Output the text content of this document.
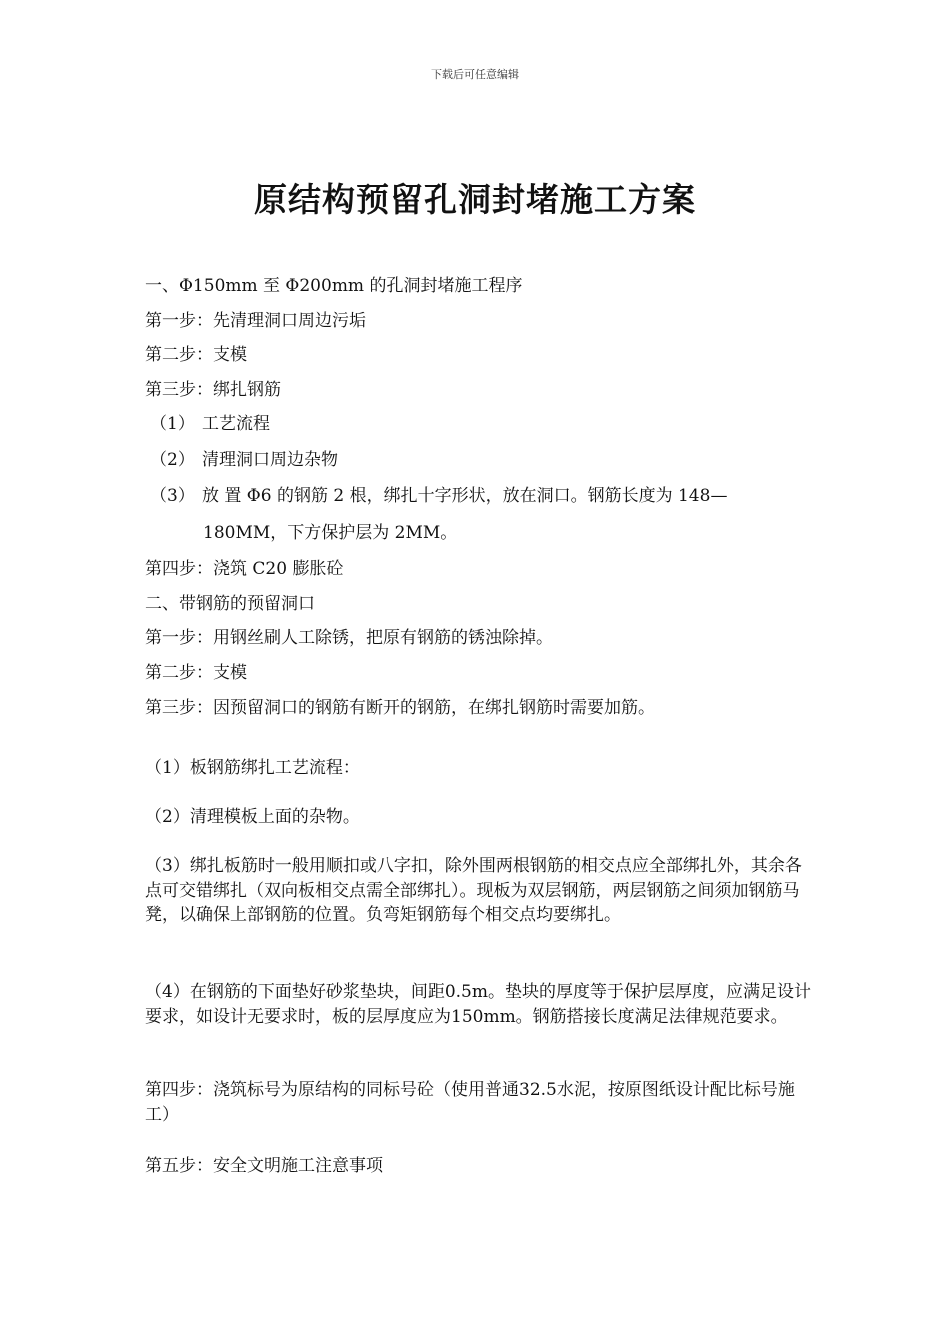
下载后可任意编辑
原结构预留孔洞封堵施工方案
一、Φ150mm 至 Φ200mm 的孔洞封堵施工程序
第一步：先清理洞口周边污垢
第二步：支模
第三步：绑扎钢筋
（1） 工艺流程
（2） 清理洞口周边杂物
（3） 放 置 Φ6 的钢筋 2 根，绑扎十字形状，放在洞口。钢筋长度为 148—
180MM，下方保护层为 2MM。
第四步：浇筑 C20 膨胀砼
二、带钢筋的预留洞口
第一步：用钢丝刷人工除锈，把原有钢筋的锈浊除掉。
第二步：支模
第三步：因预留洞口的钢筋有断开的钢筋，在绑扎钢筋时需要加筋。
（1）板钢筋绑扎工艺流程：
（2）清理模板上面的杂物。
（3）绑扎板筋时一般用顺扣或八字扣，除外围两根钢筋的相交点应全部绑扎外，其余各点可交错绑扎（双向板相交点需全部绑扎）。现板为双层钢筋，两层钢筋之间须加钢筋马凳，以确保上部钢筋的位置。负弯矩钢筋每个相交点均要绑扎。
（4）在钢筋的下面垫好砂浆垫块，间距0.5m。垫块的厚度等于保护层厚度，应满足设计要求，如设计无要求时，板的层厚度应为150mm。钢筋搭接长度满足法律规范要求。
第四步：浇筑标号为原结构的同标号砼（使用普通32.5水泥，按原图纸设计配比标号施工）
第五步：安全文明施工注意事项
